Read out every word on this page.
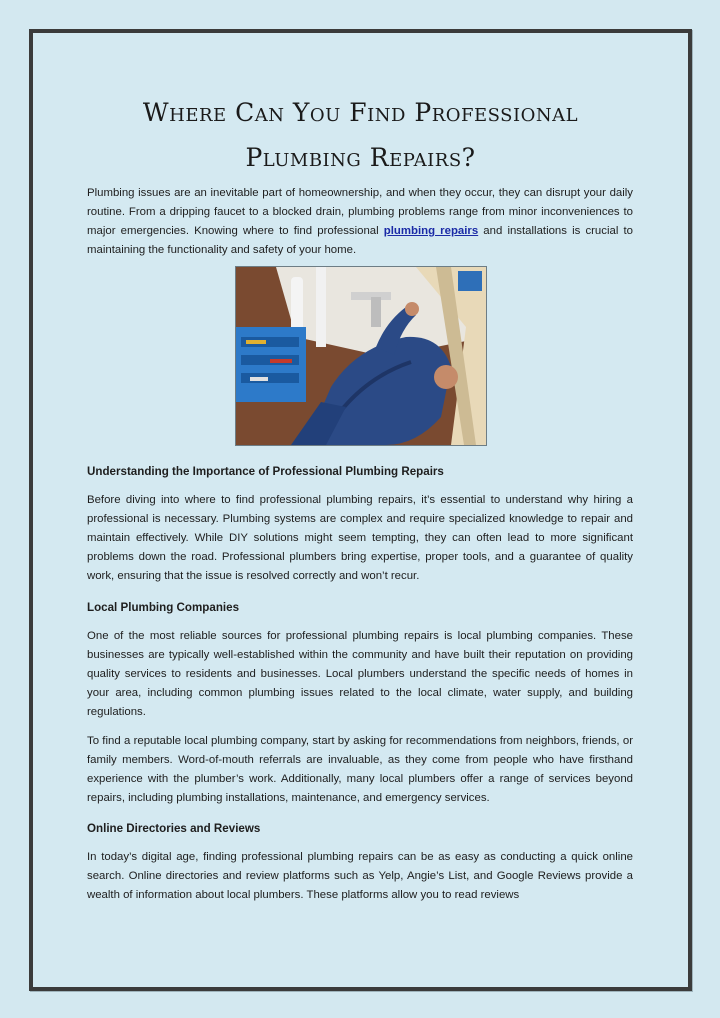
Where Can You Find Professional
Plumbing Repairs?

Plumbing issues are an inevitable part of homeownership, and when they occur, they can disrupt your daily routine. From a dripping faucet to a blocked drain, plumbing problems range from minor inconveniences to major emergencies. Knowing where to find professional plumbing repairs and installations is crucial to maintaining the functionality and safety of your home.

Understanding the Importance of Professional Plumbing Repairs

Before diving into where to find professional plumbing repairs, it’s essential to understand why hiring a professional is necessary. Plumbing systems are complex and require specialized knowledge to repair and maintain effectively. While DIY solutions might seem tempting, they can often lead to more significant problems down the road. Professional plumbers bring expertise, proper tools, and a guarantee of quality work, ensuring that the issue is resolved correctly and won’t recur.

Local Plumbing Companies

One of the most reliable sources for professional plumbing repairs is local plumbing companies. These businesses are typically well-established within the community and have built their reputation on providing quality services to residents and businesses. Local plumbers understand the specific needs of homes in your area, including common plumbing issues related to the local climate, water supply, and building regulations.

To find a reputable local plumbing company, start by asking for recommendations from neighbors, friends, or family members. Word-of-mouth referrals are invaluable, as they come from people who have firsthand experience with the plumber’s work. Additionally, many local plumbers offer a range of services beyond repairs, including plumbing installations, maintenance, and emergency services.

Online Directories and Reviews

In today’s digital age, finding professional plumbing repairs can be as easy as conducting a quick online search. Online directories and review platforms such as Yelp, Angie’s List, and Google Reviews provide a wealth of information about local plumbers. These platforms allow you to read reviews
